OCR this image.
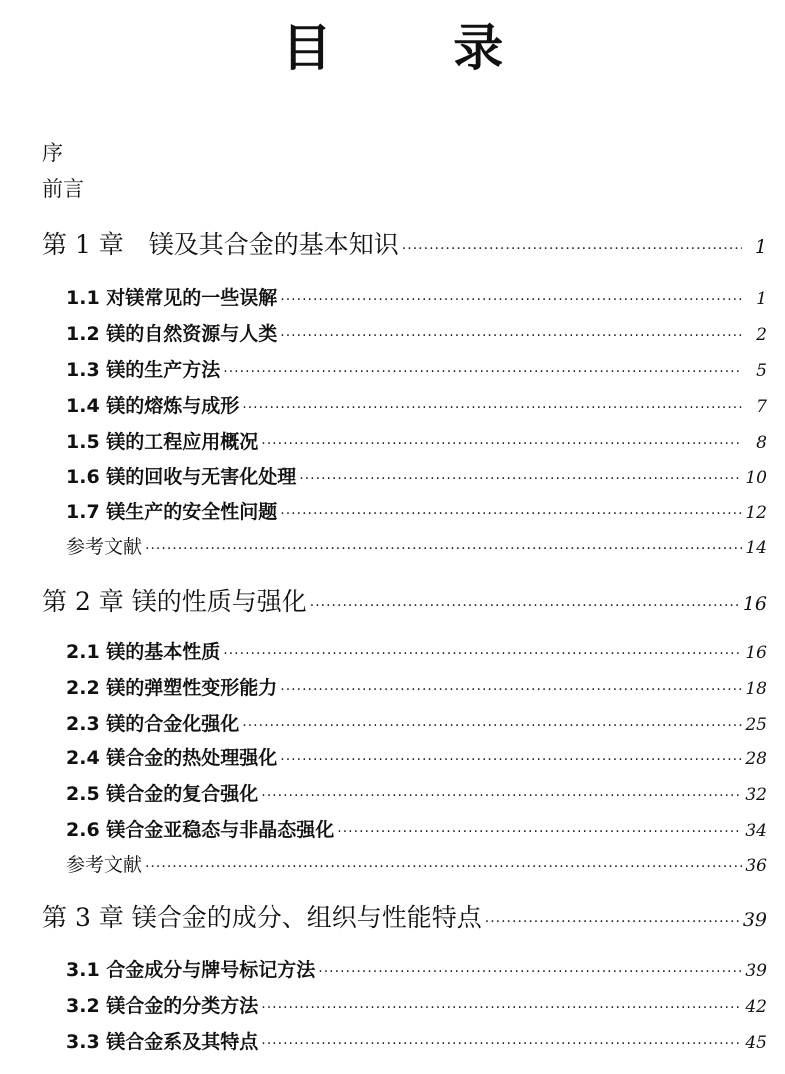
目 录
序
前言
第 1 章　镁及其合金的基本知识 ·····	1
1.1 对镁常见的一些误解 ·····	1
1.2 镁的自然资源与人类 ·····	2
1.3 镁的生产方法 ·····	5
1.4 镁的熔炼与成形 ·····	7
1.5 镁的工程应用概况 ·····	8
1.6 镁的回收与无害化处理 ·····	10
1.7 镁生产的安全性问题 ·····	12
参考文献 ·····	14
第 2 章 镁的性质与强化 ·····	16
2.1 镁的基本性质 ·····	16
2.2 镁的弹塑性变形能力 ·····	18
2.3 镁的合金化强化 ·····	25
2.4 镁合金的热处理强化 ·····	28
2.5 镁合金的复合强化 ·····	32
2.6 镁合金亚稳态与非晶态强化 ·····	34
参考文献 ·····	36
第 3 章 镁合金的成分、组织与性能特点 ·····	39
3.1 合金成分与牌号标记方法 ·····	39
3.2 镁合金的分类方法 ·····	42
3.3 镁合金系及其特点 ·····	45
